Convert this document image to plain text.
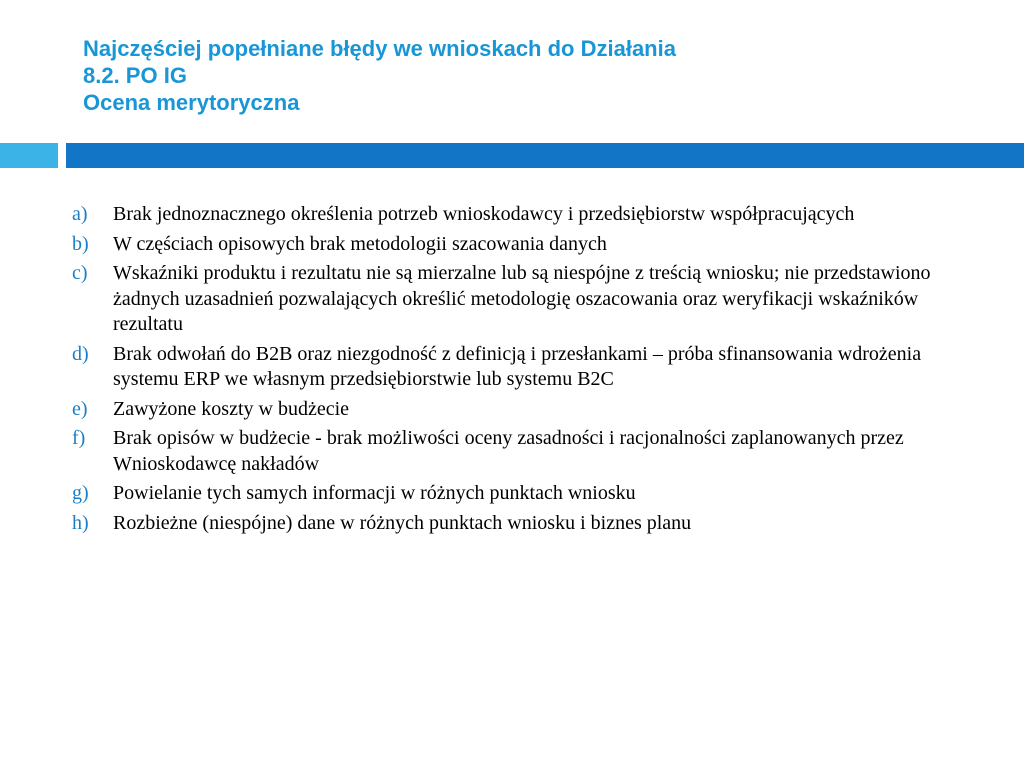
Najczęściej popełniane błędy we wnioskach do Działania
8.2. PO IG
Ocena merytoryczna
a) Brak jednoznacznego określenia potrzeb wnioskodawcy i przedsiębiorstw współpracujących
b) W częściach opisowych brak metodologii szacowania danych
c) Wskaźniki produktu i rezultatu nie są mierzalne lub są niespójne z treścią wniosku; nie przedstawiono żadnych uzasadnień pozwalających określić metodologię oszacowania oraz weryfikacji wskaźników rezultatu
d) Brak odwołań do B2B oraz niezgodność z definicją i przesłankami – próba sfinansowania wdrożenia systemu ERP we własnym przedsiębiorstwie lub systemu B2C
e) Zawyżone koszty w budżecie
f) Brak opisów w budżecie - brak możliwości oceny zasadności i racjonalności zaplanowanych przez Wnioskodawcę nakładów
g) Powielanie tych samych informacji w różnych punktach wniosku
h) Rozbieżne (niespójne) dane w różnych punktach wniosku i biznes planu
